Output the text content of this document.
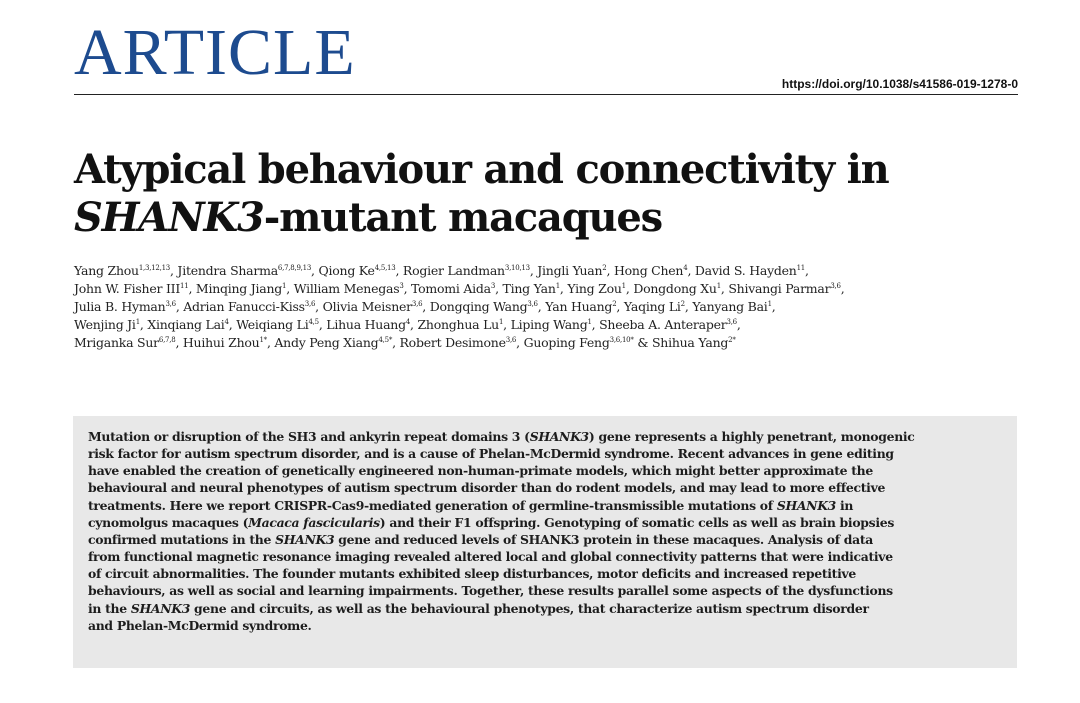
ARTICLE	https://doi.org/10.1038/s41586-019-1278-0
Atypical behaviour and connectivity in
SHANK3-mutant macaques
Yang Zhou$^{1,3,12,13}$, Jitendra Sharma$^{6,7,8,9,13}$, Qiong Ke$^{4,5,13}$, Rogier Landman$^{3,10,13}$, Jingli Yuan$^2$, Hong Chen$^4$, David S. Hayden$^{11}$,
John W. Fisher III$^{11}$, Minqing Jiang$^1$, William Menegas$^3$, Tomomi Aida$^3$, Ting Yan$^1$, Ying Zou$^1$, Dongdong Xu$^1$, Shivangi Parmar$^{3,6}$,
Julia B. Hyman$^{3,6}$, Adrian Fanucci-Kiss$^{3,6}$, Olivia Meisner$^{3,6}$, Dongqing Wang$^{3,6}$, Yan Huang$^2$, Yaqing Li$^2$, Yanyang Bai$^1$,
Wenjing Ji$^1$, Xinqiang Lai$^4$, Weiqiang Li$^{4,5}$, Lihua Huang$^4$, Zhonghua Lu$^1$, Liping Wang$^1$, Sheeba A. Anteraper$^{3,6}$,
Mriganka Sur$^{6,7,8}$, Huihui Zhou$^{1*}$, Andy Peng Xiang$^{4,5*}$, Robert Desimone$^{3,6}$, Guoping Feng$^{3,6,10*}$ & Shihua Yang$^{2*}$
Mutation or disruption of the SH3 and ankyrin repeat domains 3 (SHANK3) gene represents a highly penetrant, monogenic
risk factor for autism spectrum disorder, and is a cause of Phelan-McDermid syndrome. Recent advances in gene editing
have enabled the creation of genetically engineered non-human-primate models, which might better approximate the
behavioural and neural phenotypes of autism spectrum disorder than do rodent models, and may lead to more effective
treatments. Here we report CRISPR-Cas9-mediated generation of germline-transmissible mutations of SHANK3 in
cynomolgus macaques (Macaca fascicularis) and their F1 offspring. Genotyping of somatic cells as well as brain biopsies
confirmed mutations in the SHANK3 gene and reduced levels of SHANK3 protein in these macaques. Analysis of data
from functional magnetic resonance imaging revealed altered local and global connectivity patterns that were indicative
of circuit abnormalities. The founder mutants exhibited sleep disturbances, motor deficits and increased repetitive
behaviours, as well as social and learning impairments. Together, these results parallel some aspects of the dysfunctions
in the SHANK3 gene and circuits, as well as the behavioural phenotypes, that characterize autism spectrum disorder
and Phelan-McDermid syndrome.
